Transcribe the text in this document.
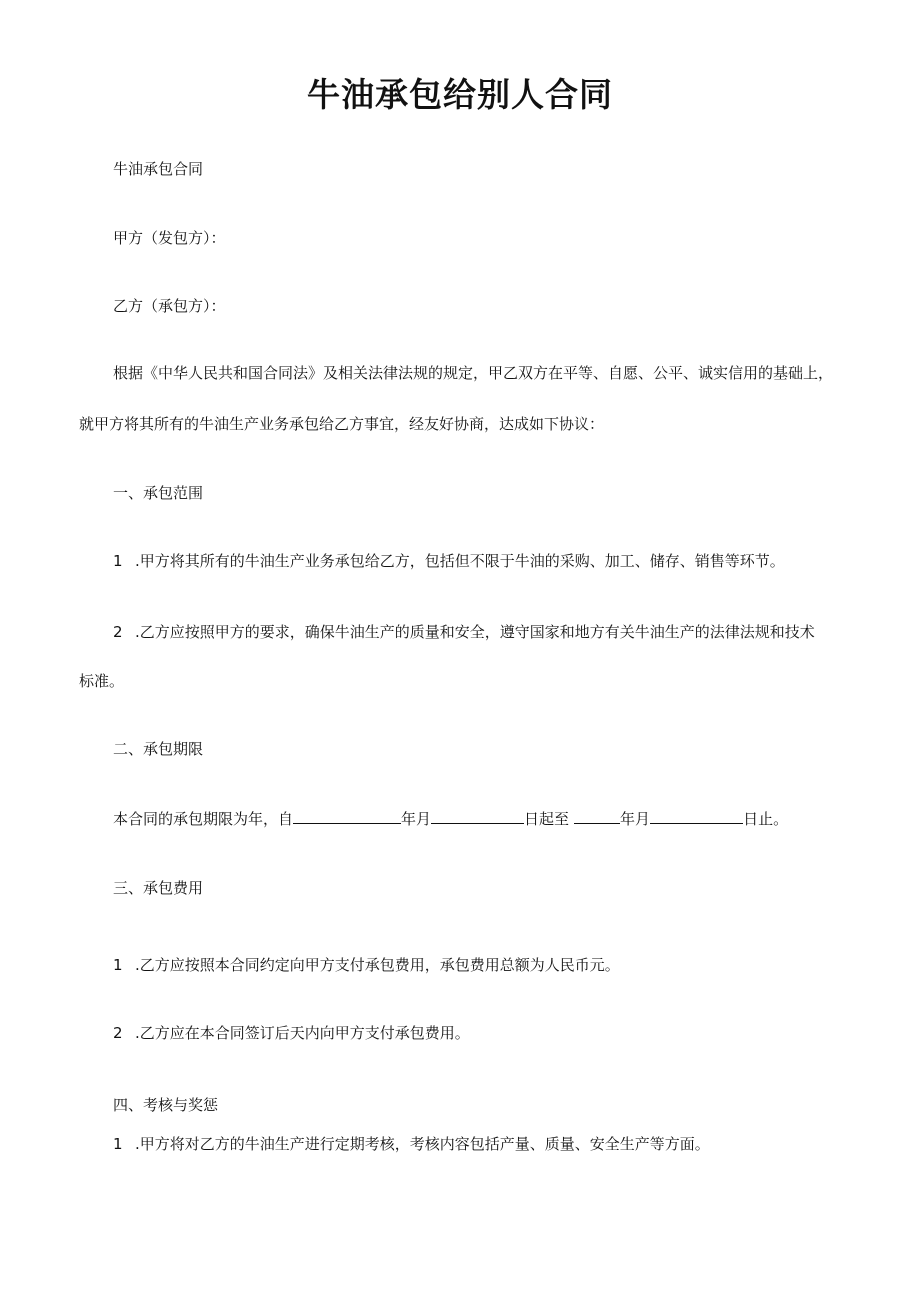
牛油承包给别人合同
牛油承包合同
甲方（发包方）：
乙方（承包方）：
根据《中华人民共和国合同法》及相关法律法规的规定，甲乙双方在平等、自愿、公平、诚实信用的基础上，
就甲方将其所有的牛油生产业务承包给乙方事宜，经友好协商，达成如下协议：
一、承包范围
1 .甲方将其所有的牛油生产业务承包给乙方，包括但不限于牛油的采购、加工、储存、销售等环节。
2 .乙方应按照甲方的要求，确保牛油生产的质量和安全，遵守国家和地方有关牛油生产的法律法规和技术
标准。
二、承包期限
本合同的承包期限为年，自	年月	日起至	年月	日止。
三、承包费用
1 .乙方应按照本合同约定向甲方支付承包费用，承包费用总额为人民币元。
2 .乙方应在本合同签订后天内向甲方支付承包费用。
四、考核与奖惩
1 .甲方将对乙方的牛油生产进行定期考核，考核内容包括产量、质量、安全生产等方面。
